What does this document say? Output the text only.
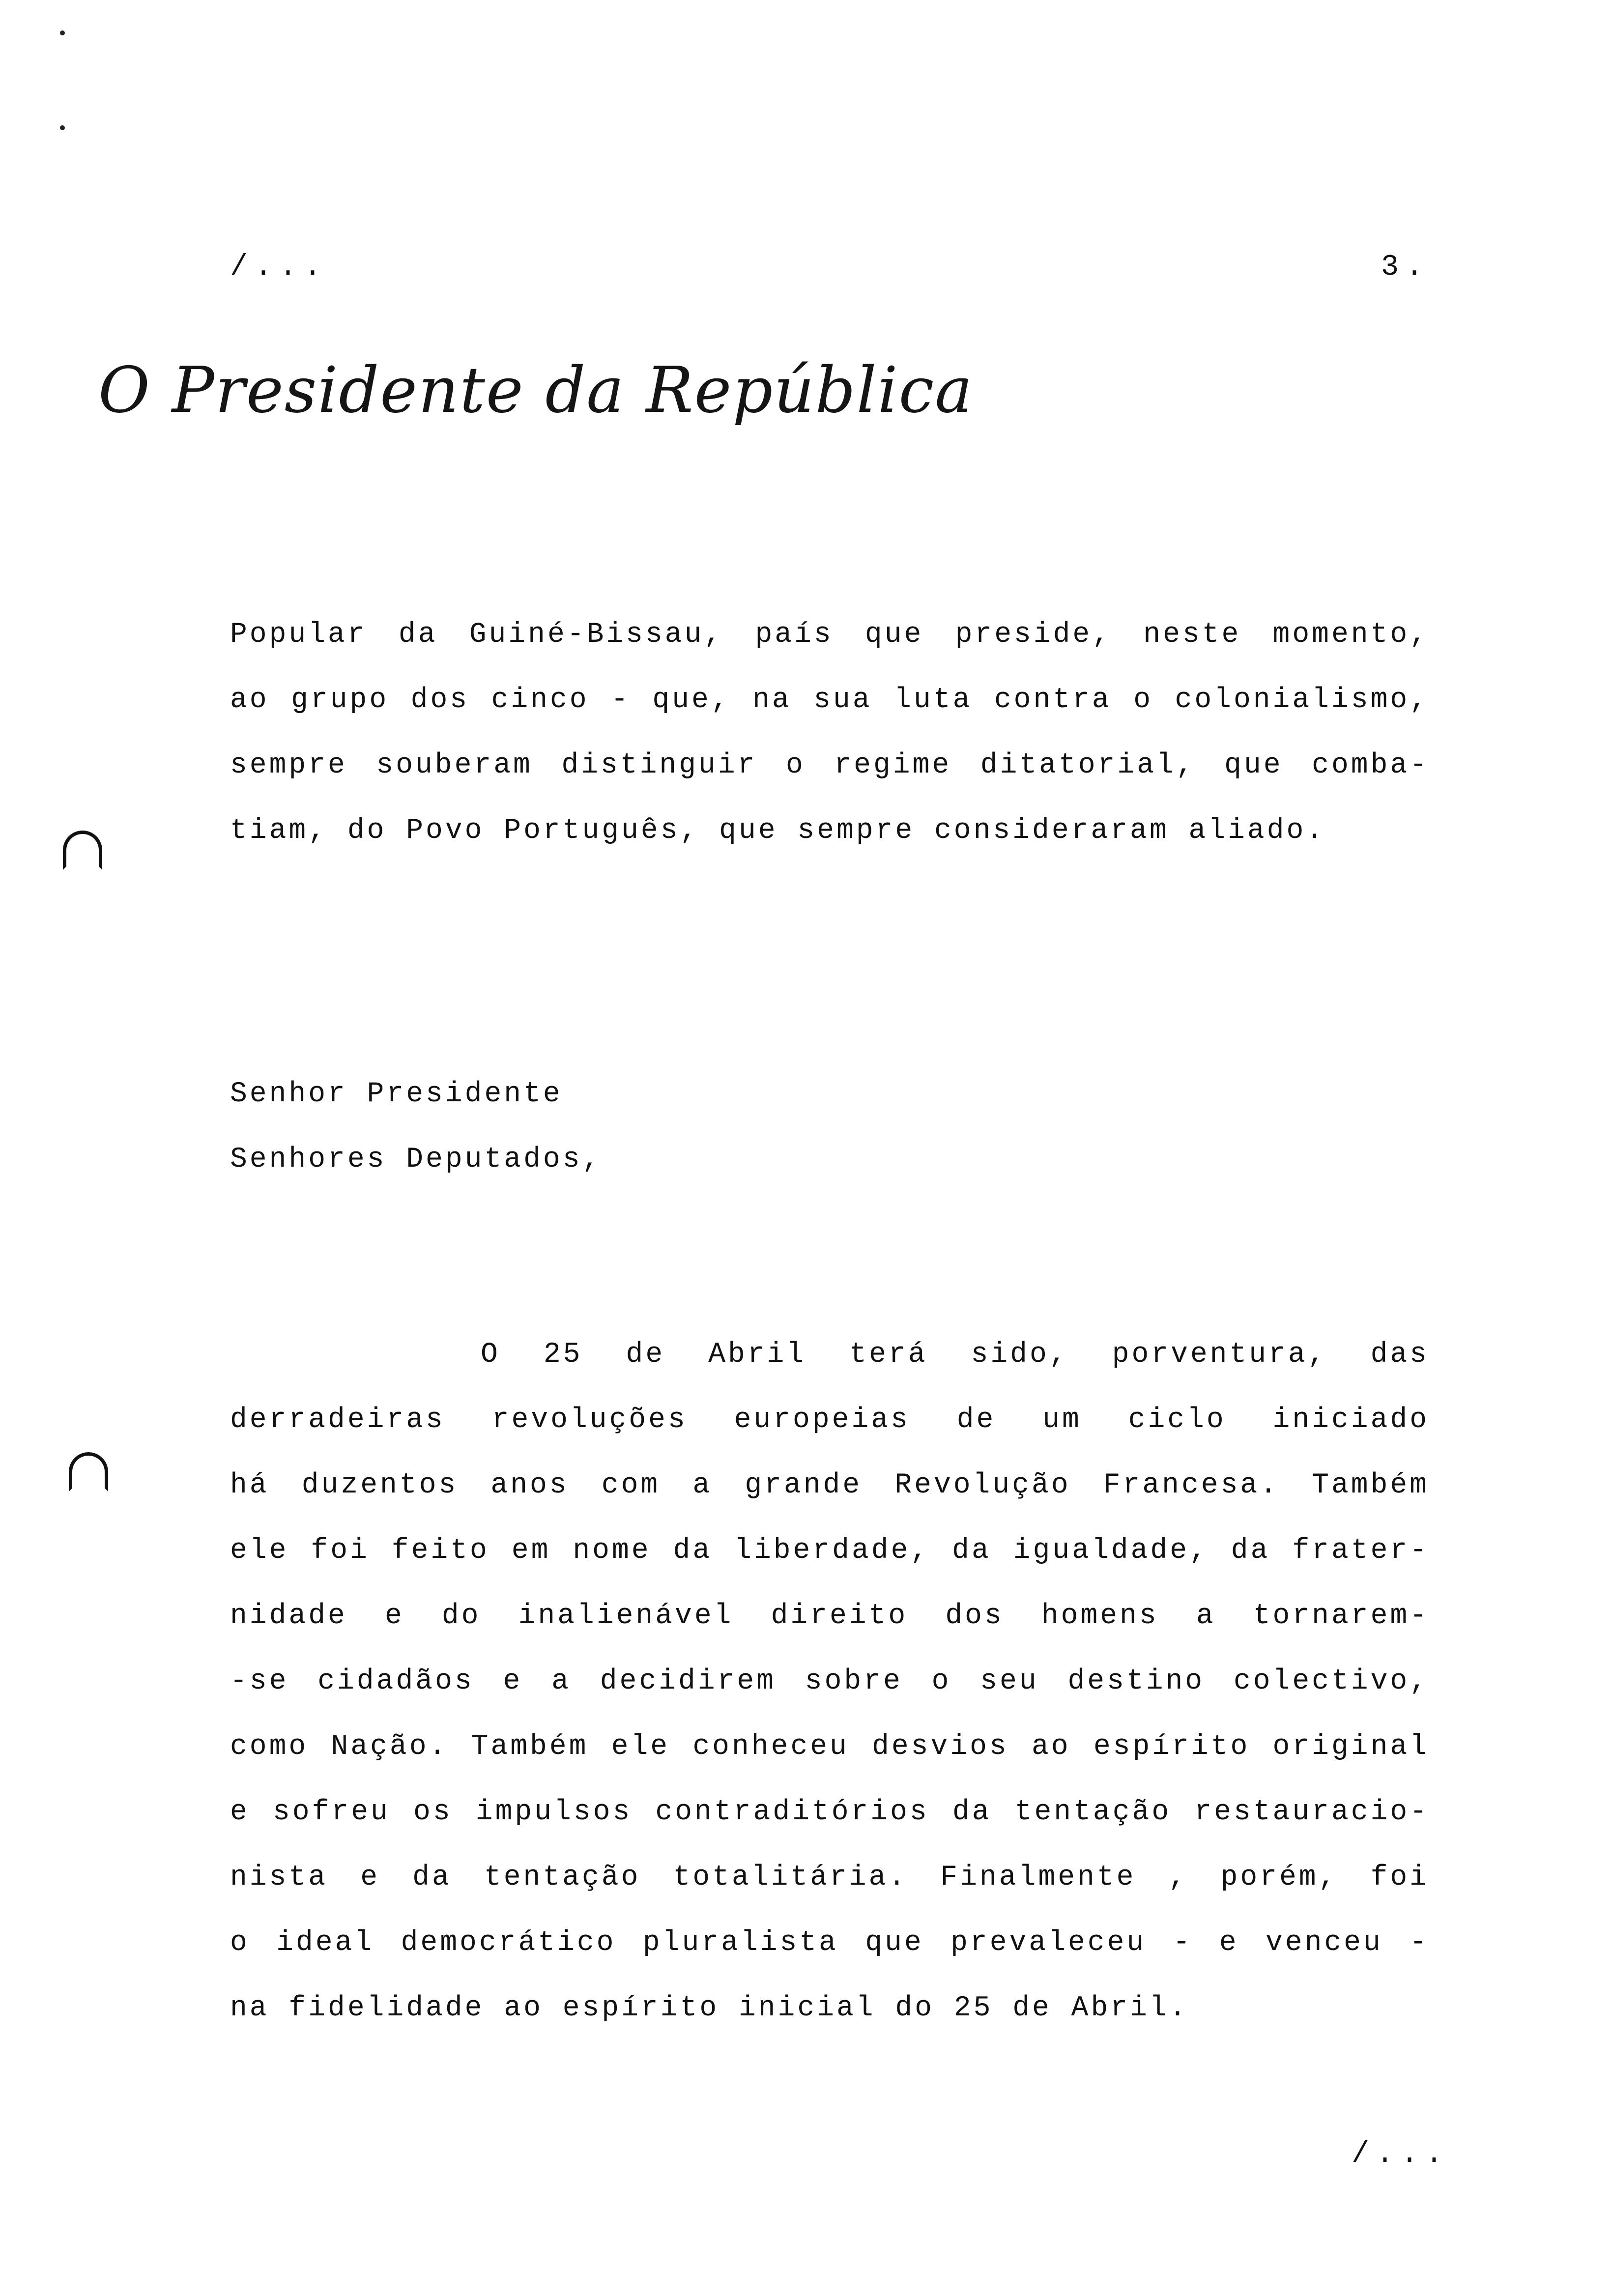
/...	3.
O Presidente da República
Popular da Guiné-Bissau, país que preside, neste momento,
ao grupo dos cinco - que, na sua luta contra o colonialismo,
sempre souberam distinguir o regime ditatorial, que comba-
tiam, do Povo Português, que sempre consideraram aliado.
Senhor Presidente
Senhores Deputados,
O 25 de Abril terá sido, porventura, das
derradeiras revoluções europeias de um ciclo iniciado
há duzentos anos com a grande Revolução Francesa. Também
ele foi feito em nome da liberdade, da igualdade, da frater-
nidade e do inalienável direito dos homens a tornarem-
-se cidadãos e a decidirem sobre o seu destino colectivo,
como Nação. Também ele conheceu desvios ao espírito original
e sofreu os impulsos contraditórios da tentação restauracio-
nista e da tentação totalitária. Finalmente , porém, foi
o ideal democrático pluralista que prevaleceu - e venceu -
na fidelidade ao espírito inicial do 25 de Abril.
/...
